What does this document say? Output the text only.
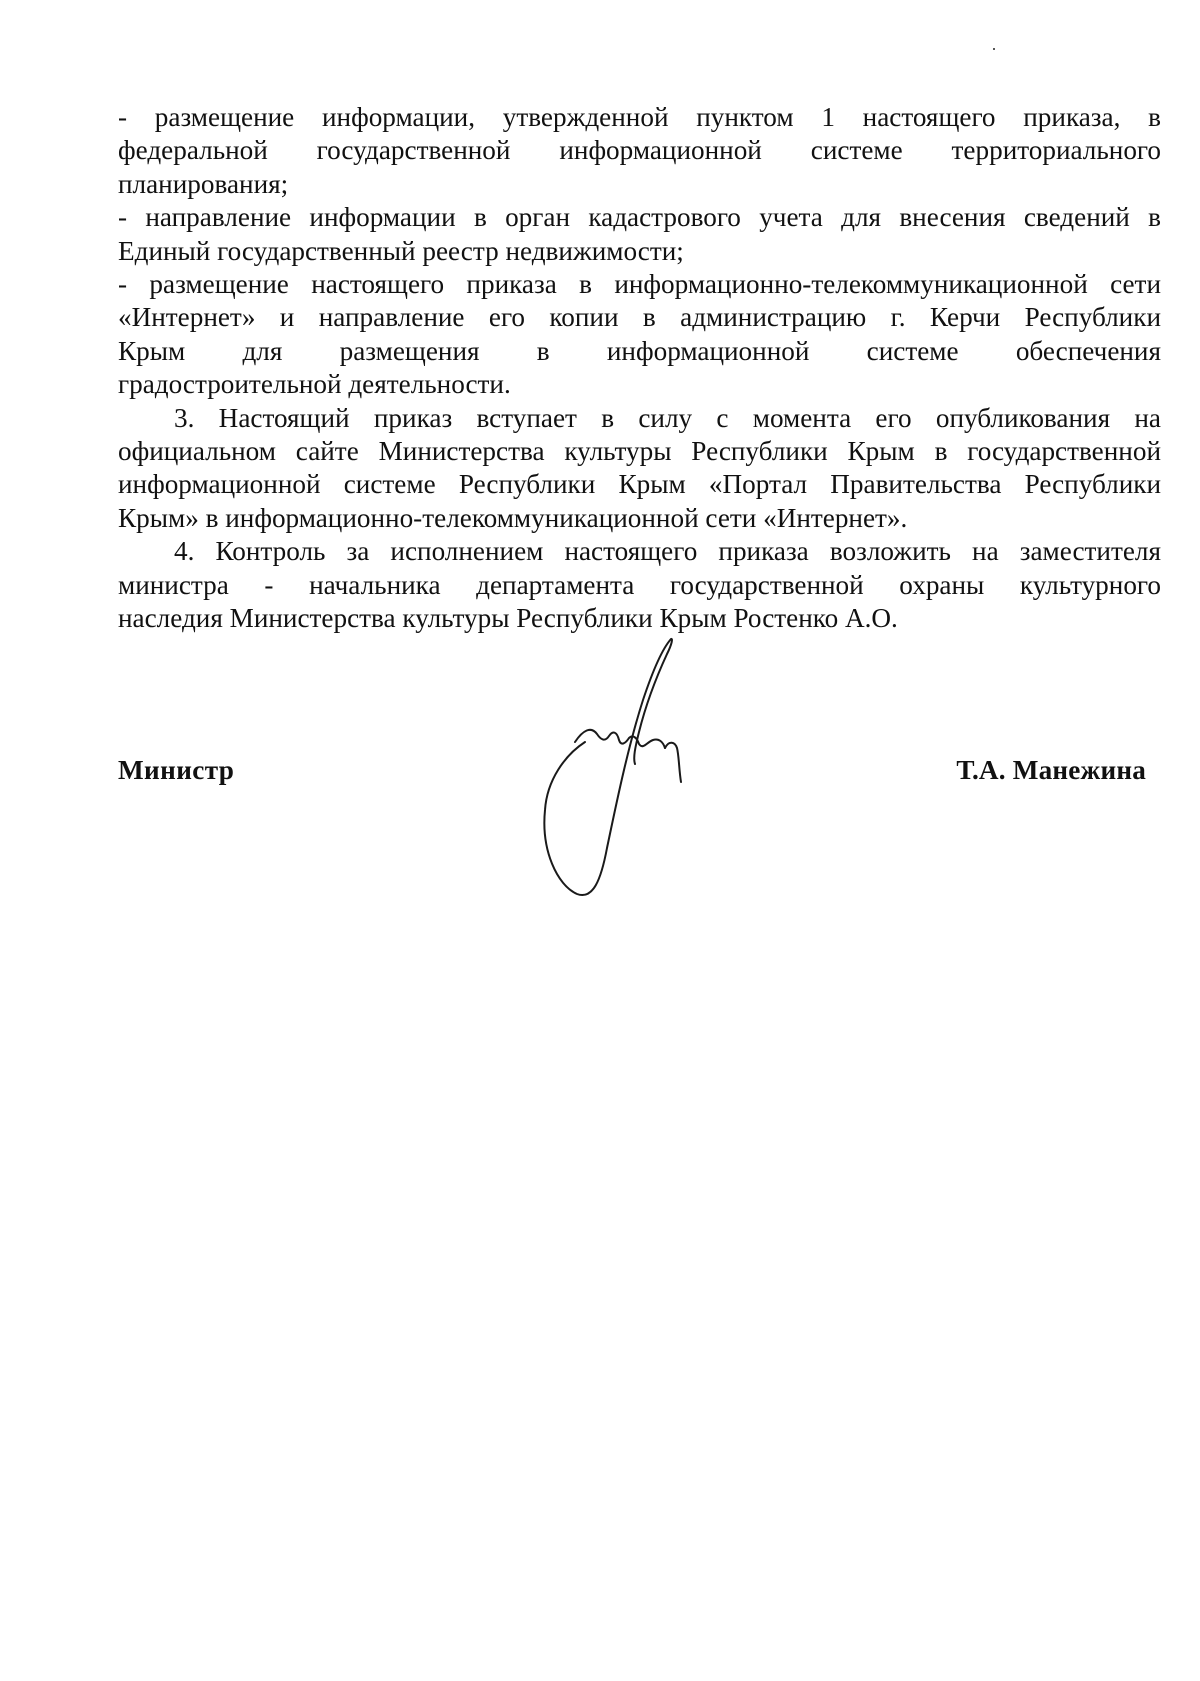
- размещение информации, утвержденной пунктом 1 настоящего приказа, в
федеральной государственной информационной системе территориального
планирования;
- направление информации в орган кадастрового учета для внесения сведений в
Единый государственный реестр недвижимости;
- размещение настоящего приказа в информационно-телекоммуникационной сети
«Интернет» и направление его копии в администрацию г. Керчи Республики
Крым для размещения в информационной системе обеспечения
градостроительной деятельности.
3. Настоящий приказ вступает в силу с момента его опубликования на
официальном сайте Министерства культуры Республики Крым в государственной
информационной системе Республики Крым «Портал Правительства Республики
Крым» в информационно-телекоммуникационной сети «Интернет».
4. Контроль за исполнением настоящего приказа возложить на заместителя
министра - начальника департамента государственной охраны культурного
наследия Министерства культуры Республики Крым Ростенко А.О.
Министр	Т.А. Манежина
